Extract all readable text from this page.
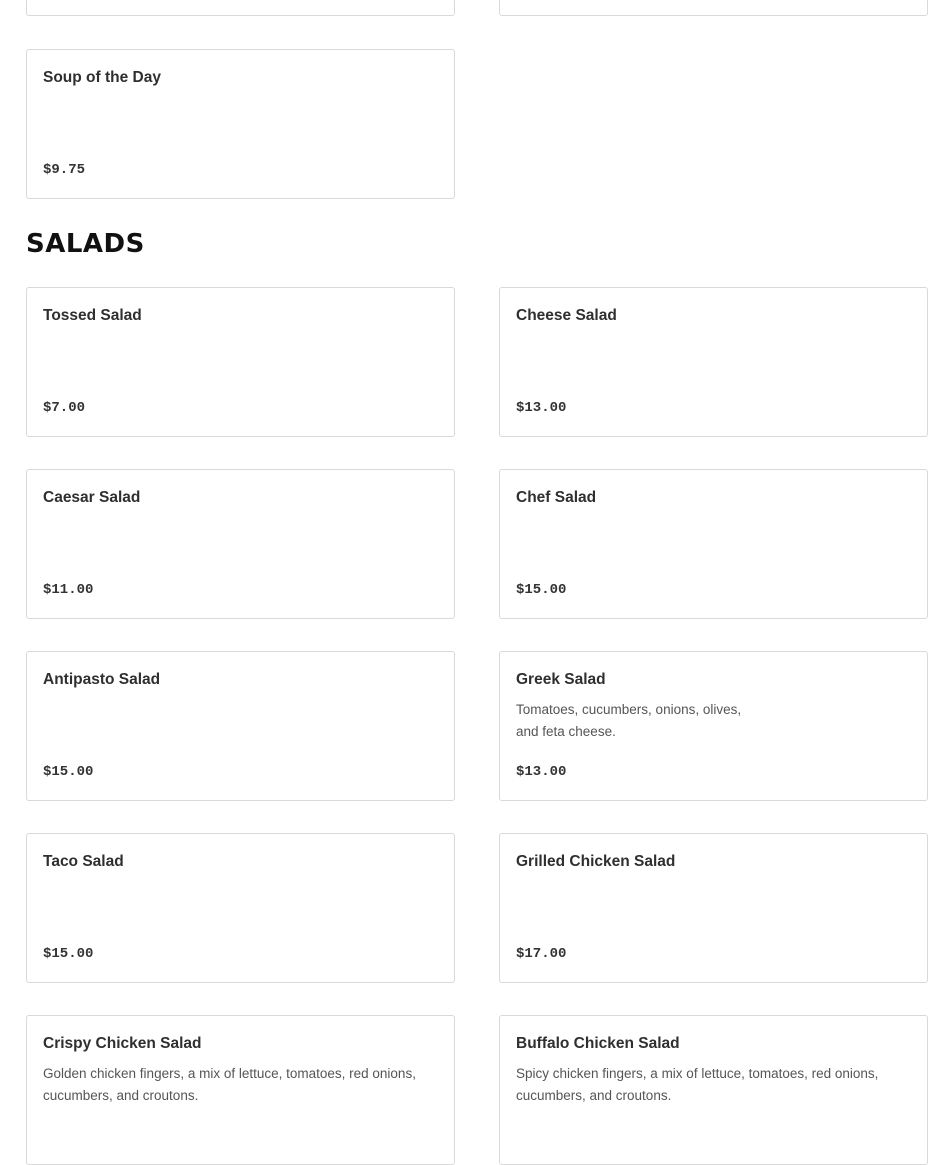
Soup of the Day
$9.75
SALADS
Tossed Salad
$7.00
Cheese Salad
$13.00
Caesar Salad
$11.00
Chef Salad
$15.00
Antipasto Salad
$15.00
Greek Salad
Tomatoes, cucumbers, onions, olives, and feta cheese.
$13.00
Taco Salad
$15.00
Grilled Chicken Salad
$17.00
Crispy Chicken Salad
Golden chicken fingers, a mix of lettuce, tomatoes, red onions, cucumbers, and croutons.
Buffalo Chicken Salad
Spicy chicken fingers, a mix of lettuce, tomatoes, red onions, cucumbers, and croutons.
